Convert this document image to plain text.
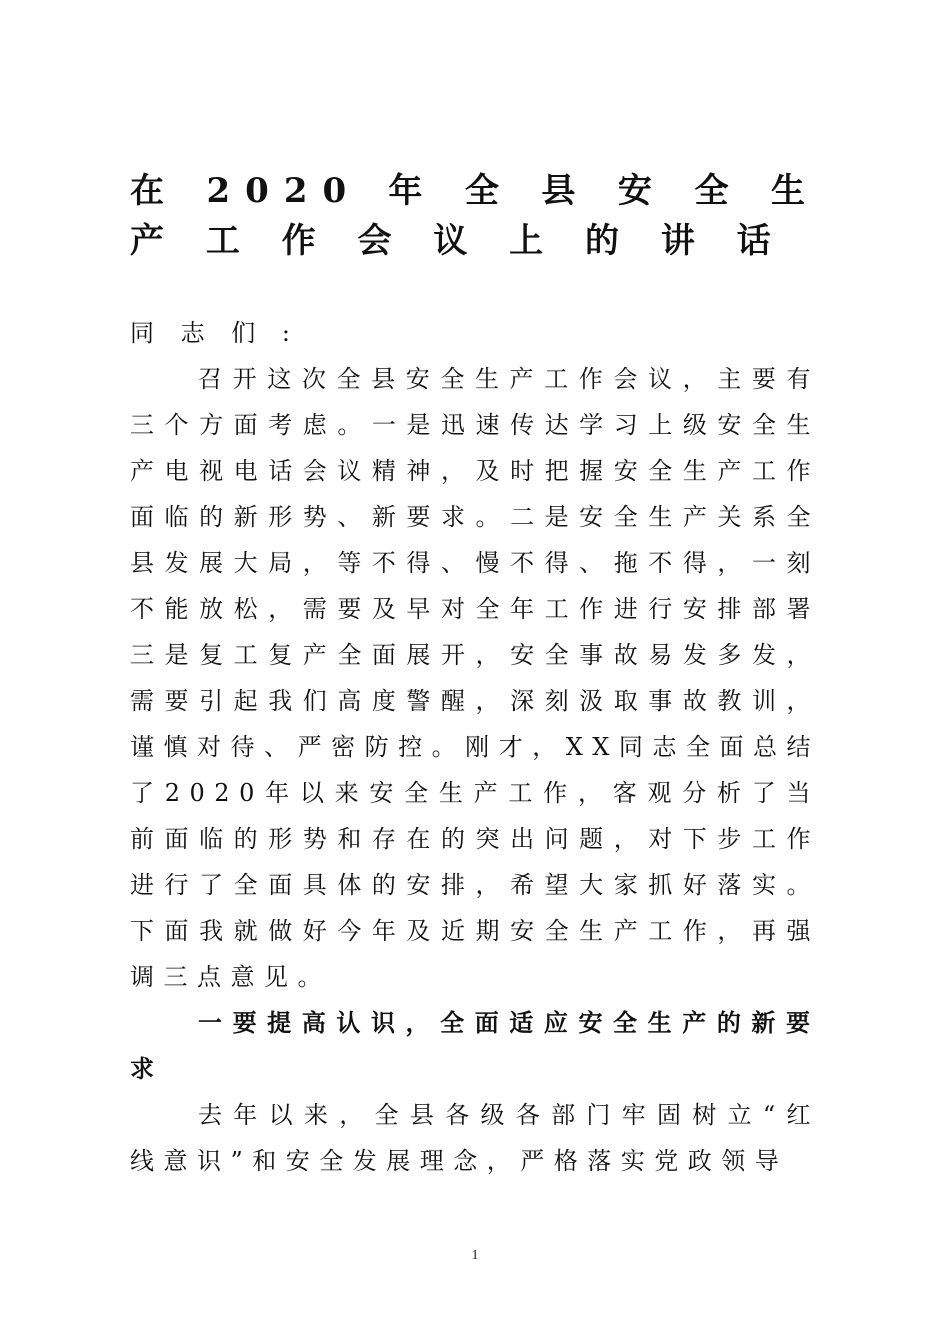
在 2020 年 全 县 安 全 生 产 工 作 会 议 上 的 讲 话

同 志 们 :

召开这次全县安全生产工作会议，主要有三个方面考虑。一是迅速传达学习上级安全生产电视电话会议精神，及时把握安全生产工作面临的新形势、新要求。二是安全生产关系全县发展大局，等不得、慢不得、拖不得，一刻不能放松，需要及早对全年工作进行安排部署三是复工复产全面展开，安全事故易发多发，需要引起我们高度警醒，深刻汲取事故教训，谨慎对待、严密防控。刚才，XX同志全面总结了2020年以来安全生产工作，客观分析了当前面临的形势和存在的突出问题，对下步工作进行了全面具体的安排，希望大家抓好落实。下面我就做好今年及近期安全生产工作，再强调三点意见。

一要提高认识，全面适应安全生产的新要求

去年以来，全县各级各部门牢固树立“红线意识”和安全发展理念，严格落实党政领导

1
